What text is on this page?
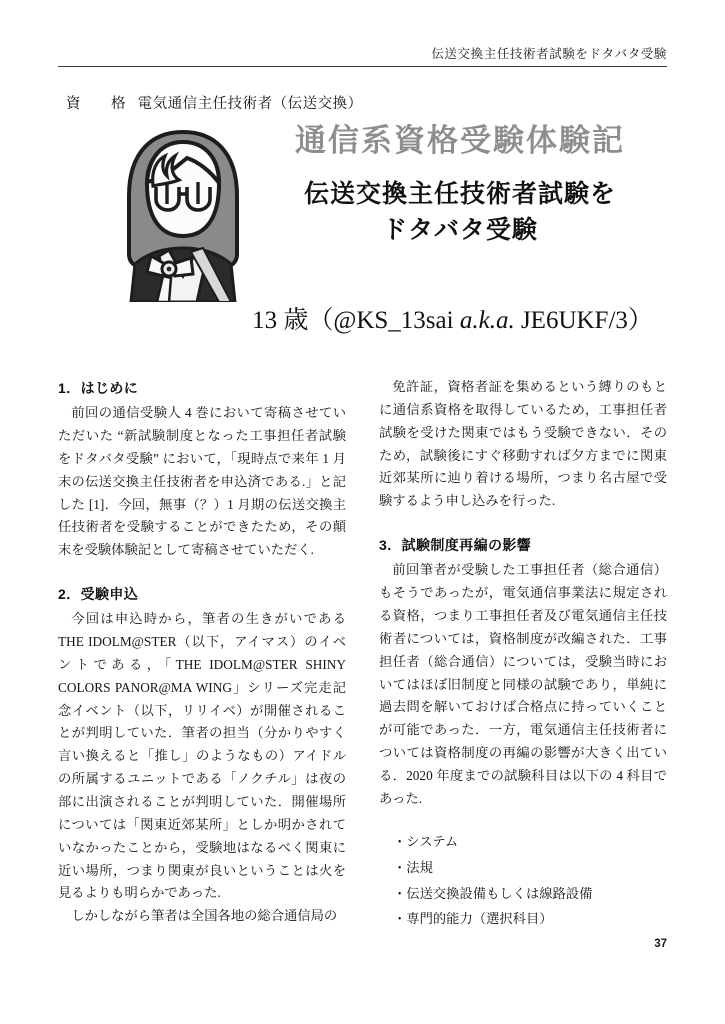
伝送交換主任技術者試験をドタバタ受験
資　格 電気通信主任技術者（伝送交換）
通信系資格受験体験記
伝送交換主任技術者試験を
ドタバタ受験
13 歳（@KS_13sai a.k.a. JE6UKF/3）
1．はじめに

前回の通信受験人 4 巻において寄稿させていただいた “新試験制度となった工事担任者試験をドタバタ受験” において，「現時点で来年 1 月末の伝送交換主任技術者を申込済である.」と記した [1]．今回，無事（？）1 月期の伝送交換主任技術者を受験することができたため，その顛末を受験体験記として寄稿させていただく.

2．受験申込

今回は申込時から，筆者の生きがいである THE IDOLM@STER（以下，アイマス）のイベントである，「THE IDOLM@STER SHINY COLORS PANOR@MA WING」シリーズ完走記念イベント（以下，リリイベ）が開催されることが判明していた．筆者の担当（分かりやすく言い換えると「推し」のようなもの）アイドルの所属するユニットである「ノクチル」は夜の部に出演されることが判明していた．開催場所については「関東近郊某所」としか明かされていなかったことから，受験地はなるべく関東に近い場所，つまり関東が良いということは火を見るよりも明らかであった.

しかしながら筆者は全国各地の総合通信局の

免許証，資格者証を集めるという縛りのもとに通信系資格を取得しているため，工事担任者試験を受けた関東ではもう受験できない．そのため，試験後にすぐ移動すれば夕方までに関東近郊某所に辿り着ける場所，つまり名古屋で受験するよう申し込みを行った.

3．試験制度再編の影響

前回筆者が受験した工事担任者（総合通信）もそうであったが，電気通信事業法に規定される資格，つまり工事担任者及び電気通信主任技術者については，資格制度が改編された．工事担任者（総合通信）については，受験当時においてはほぼ旧制度と同様の試験であり，単純に過去問を解いておけば合格点に持っていくことが可能であった．一方，電気通信主任技術者については資格制度の再編の影響が大きく出ている．2020 年度までの試験科目は以下の 4 科目であった.

・ システム
・ 法規
・ 伝送交換設備もしくは線路設備
・ 専門的能力（選択科目）
37
